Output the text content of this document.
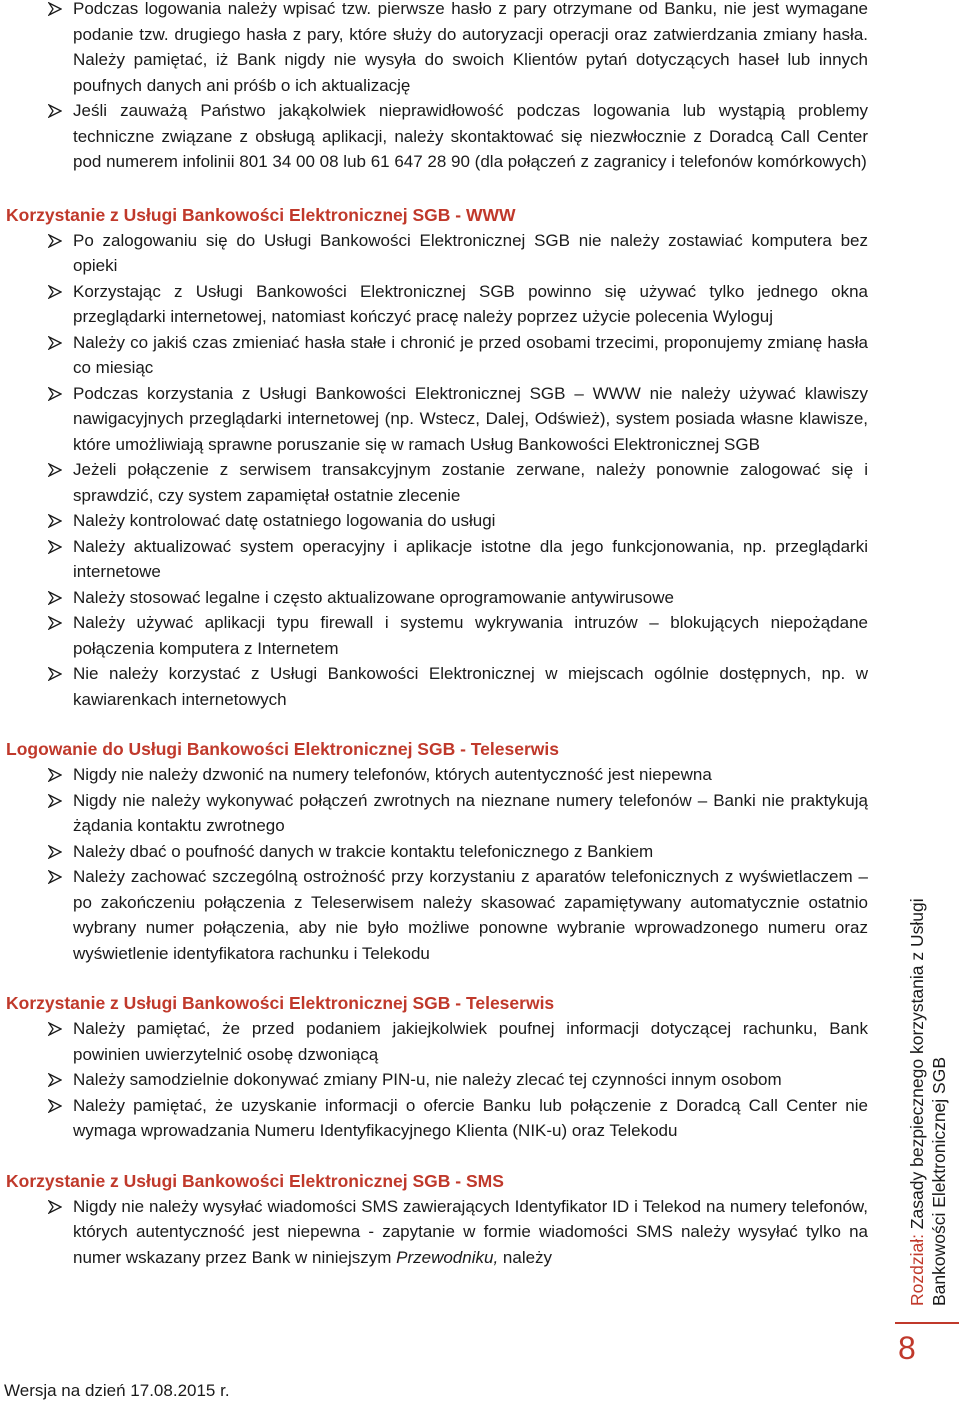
Podczas logowania należy wpisać tzw. pierwsze hasło z pary otrzymane od Banku, nie jest wymagane podanie tzw. drugiego hasła z pary, które służy do autoryzacji operacji oraz zatwierdzania zmiany hasła. Należy pamiętać, iż Bank nigdy nie wysyła do swoich Klientów pytań dotyczących haseł lub innych poufnych danych ani próśb o ich aktualizację
Jeśli zauważą Państwo jakąkolwiek nieprawidłowość podczas logowania lub wystąpią problemy techniczne związane z obsługą aplikacji, należy skontaktować się niezwłocznie z Doradcą Call Center pod numerem infolinii 801 34 00 08 lub 61 647 28 90 (dla połączeń z zagranicy i telefonów komórkowych)
Korzystanie z Usługi Bankowości Elektronicznej SGB - WWW
Po zalogowaniu się do Usługi Bankowości Elektronicznej SGB nie należy zostawiać komputera bez opieki
Korzystając z Usługi Bankowości Elektronicznej SGB powinno się używać tylko jednego okna przeglądarki internetowej, natomiast kończyć pracę należy poprzez użycie polecenia Wyloguj
Należy co jakiś czas zmieniać hasła stałe i chronić je przed osobami trzecimi, proponujemy zmianę hasła co miesiąc
Podczas korzystania z Usługi Bankowości Elektronicznej SGB – WWW nie należy używać klawiszy nawigacyjnych przeglądarki internetowej (np. Wstecz, Dalej, Odśwież), system posiada własne klawisze, które umożliwiają sprawne poruszanie się w ramach Usług Bankowości Elektronicznej SGB
Jeżeli połączenie z serwisem transakcyjnym zostanie zerwane, należy ponownie zalogować się i sprawdzić, czy system zapamiętał ostatnie zlecenie
Należy kontrolować datę ostatniego logowania do usługi
Należy aktualizować system operacyjny i aplikacje istotne dla jego funkcjonowania, np. przeglądarki internetowe
Należy stosować legalne i często aktualizowane oprogramowanie antywirusowe
Należy używać aplikacji typu firewall i systemu wykrywania intruzów – blokujących niepożądane połączenia komputera z Internetem
Nie należy korzystać z Usługi Bankowości Elektronicznej w miejscach ogólnie dostępnych, np. w kawiarenkach internetowych
Logowanie do Usługi Bankowości Elektronicznej SGB - Teleserwis
Nigdy nie należy dzwonić na numery telefonów, których autentyczność jest niepewna
Nigdy nie należy wykonywać połączeń zwrotnych na nieznane numery telefonów – Banki nie praktykują żądania kontaktu zwrotnego
Należy dbać o poufność danych w trakcie kontaktu telefonicznego z Bankiem
Należy zachować szczególną ostrożność przy korzystaniu z aparatów telefonicznych z wyświetlaczem – po zakończeniu połączenia z Teleserwisem należy skasować zapamiętywany automatycznie ostatnio wybrany numer połączenia, aby nie było możliwe ponowne wybranie wprowadzonego numeru oraz wyświetlenie identyfikatora rachunku i Telekodu
Korzystanie z Usługi Bankowości Elektronicznej SGB - Teleserwis
Należy pamiętać, że przed podaniem jakiejkolwiek poufnej informacji dotyczącej rachunku, Bank powinien uwierzytelnić osobę dzwoniącą
Należy samodzielnie dokonywać zmiany PIN-u, nie należy zlecać tej czynności innym osobom
Należy pamiętać, że uzyskanie informacji o ofercie Banku lub połączenie z Doradcą Call Center nie wymaga wprowadzania Numeru Identyfikacyjnego Klienta (NIK-u) oraz Telekodu
Korzystanie z Usługi Bankowości Elektronicznej SGB - SMS
Nigdy nie należy wysyłać wiadomości SMS zawierających Identyfikator ID i Telekod na numery telefonów, których autentyczność jest niepewna - zapytanie w formie wiadomości SMS należy wysyłać tylko na numer wskazany przez Bank w niniejszym Przewodniku, należy	Rozdział: Zasady bezpiecznego korzystania z Usługi Bankowości Elektronicznej SGB
8
Wersja na dzień 17.08.2015 r.
